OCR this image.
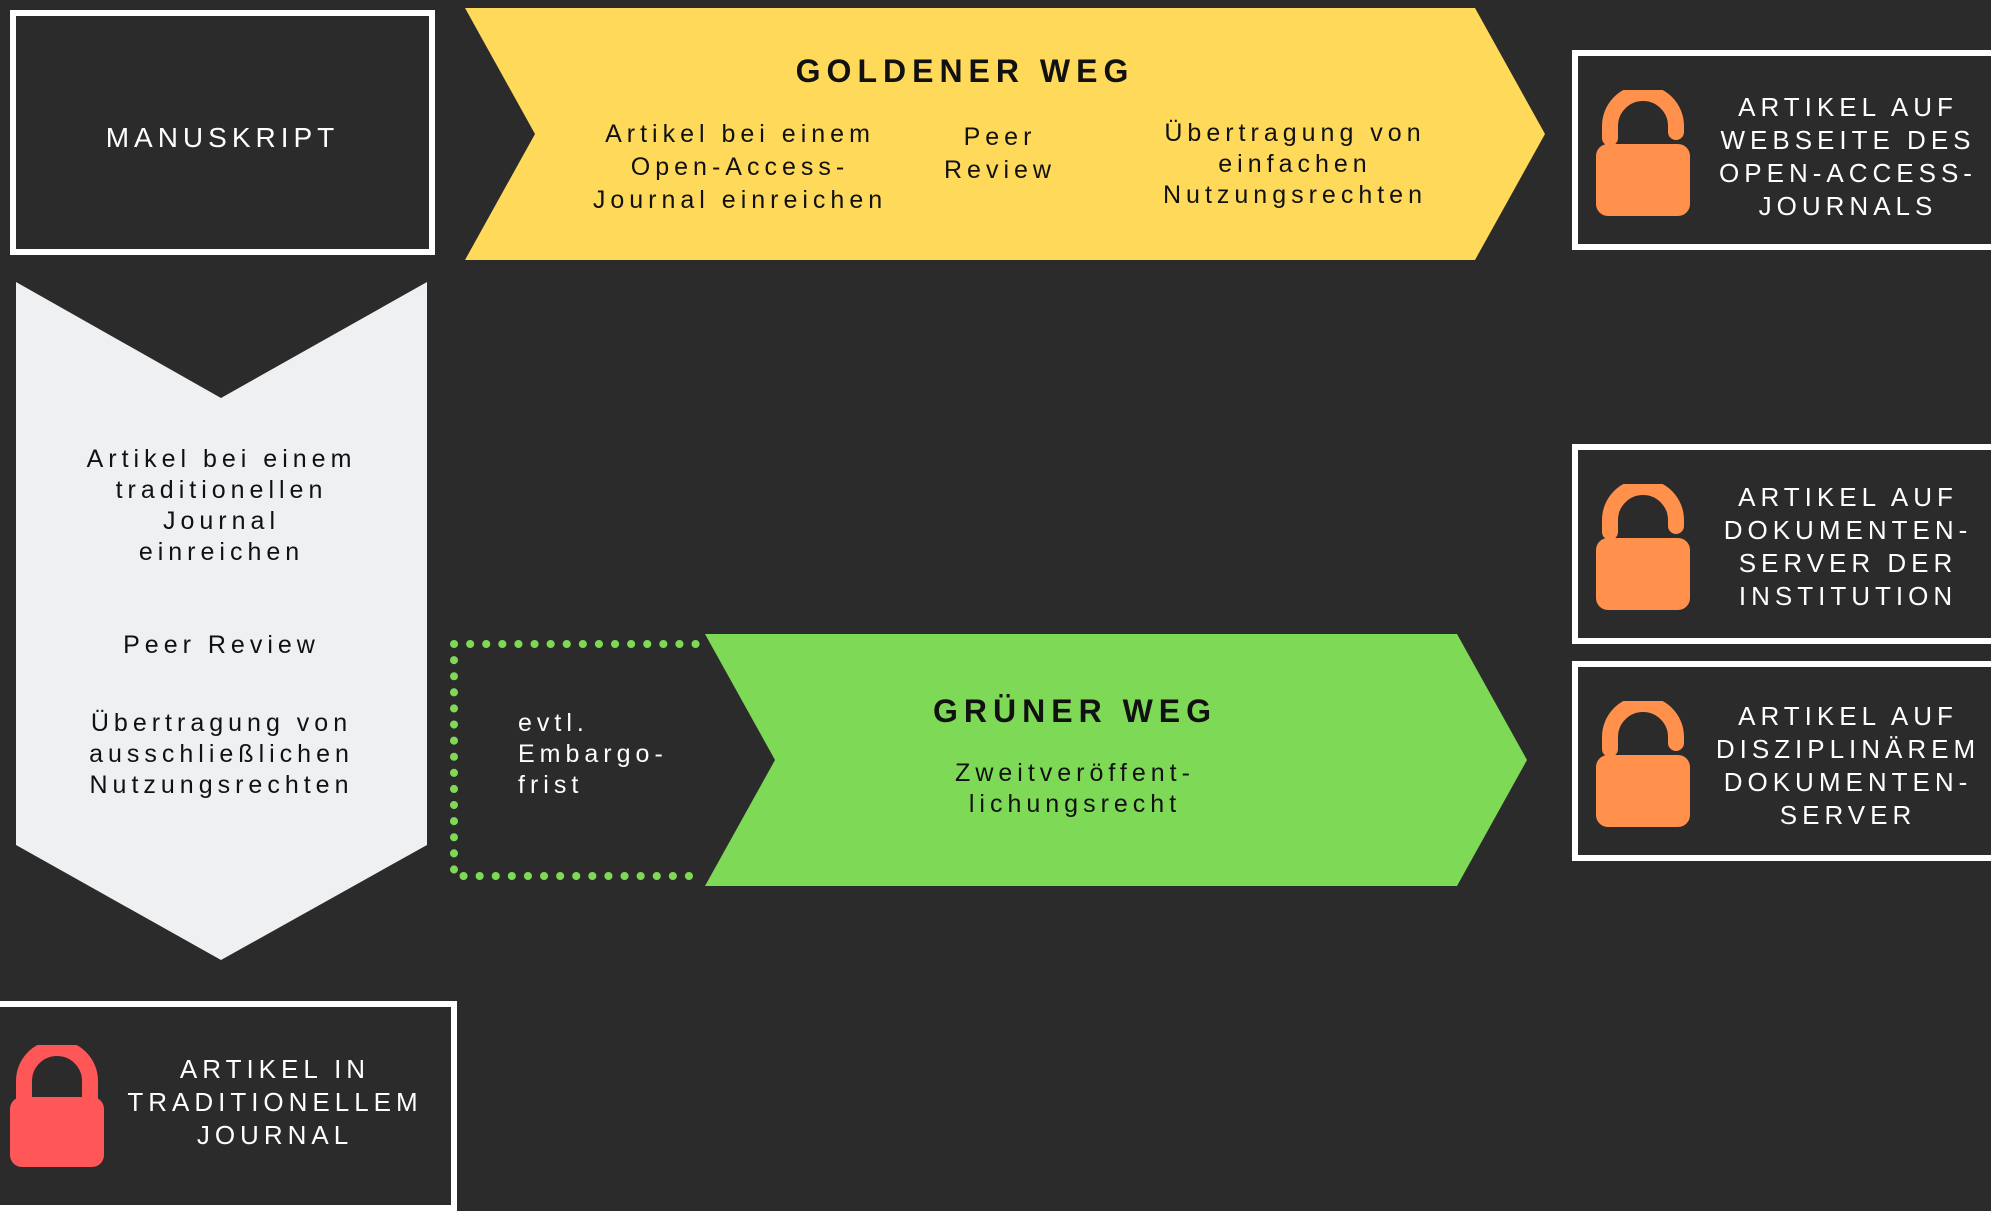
MANUSKRIPT
GOLDENER WEG
Artikel bei einem
Open-Access-
Journal einreichen
Peer
Review
Übertragung von
einfachen
Nutzungsrechten
Artikel bei einem
traditionellen
Journal
einreichen
Peer Review
Übertragung von
ausschließlichen
Nutzungsrechten
evtl.
Embargo-
frist
GRÜNER WEG
Zweitveröffent-
lichungsrecht
ARTIKEL AUF
WEBSEITE DES
OPEN-ACCESS-
JOURNALS
ARTIKEL AUF
DOKUMENTEN-
SERVER DER
INSTITUTION
ARTIKEL AUF
DISZIPLINÄREM
DOKUMENTEN-
SERVER
ARTIKEL IN
TRADITIONELLEM
JOURNAL
